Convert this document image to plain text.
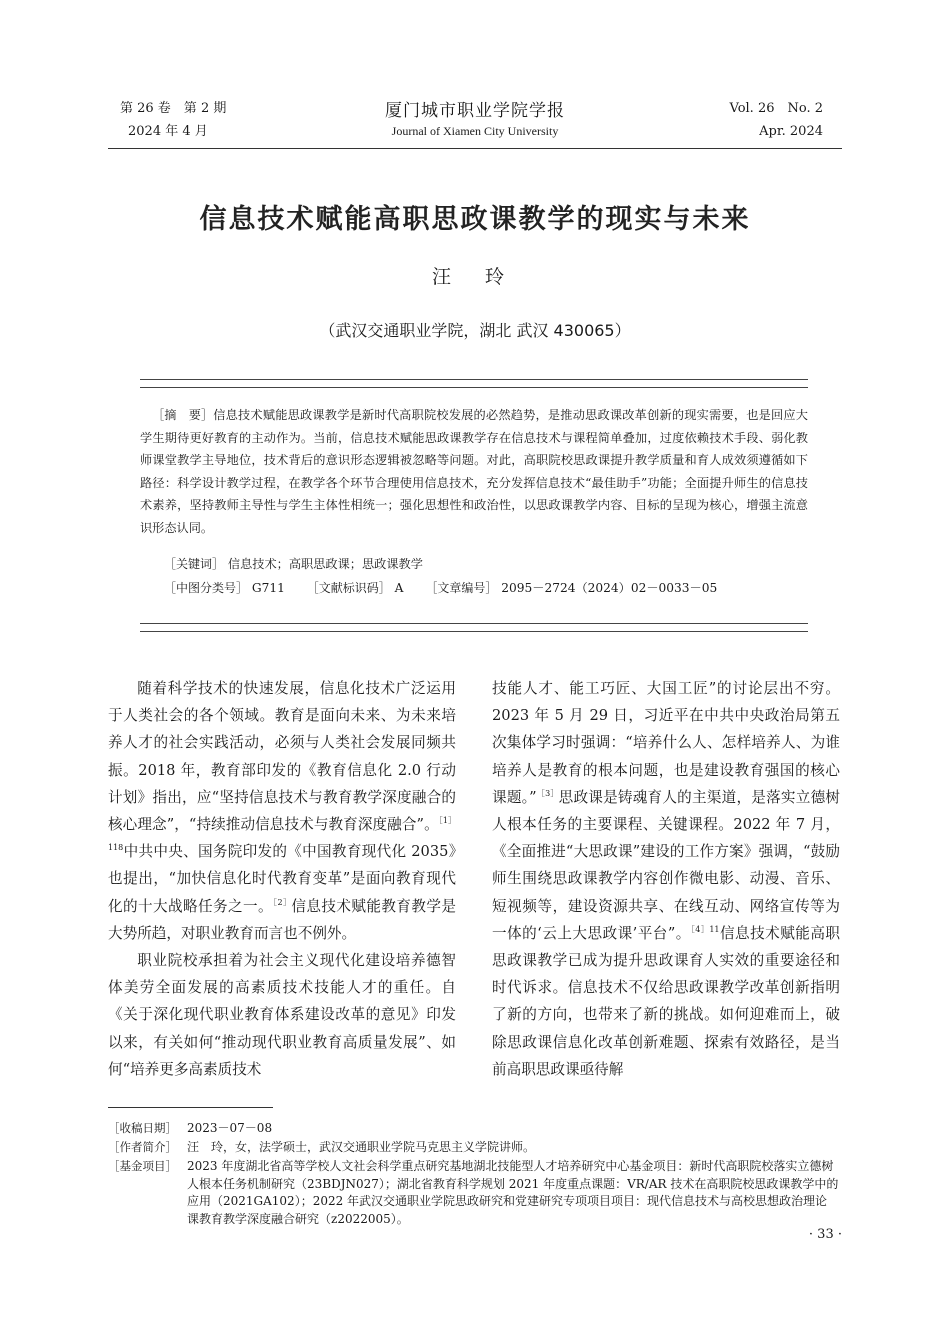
第 26 卷　第 2 期
2024 年 4 月
厦门城市职业学院学报
Journal of Xiamen City University
Vol. 26　No. 2
Apr. 2024
信息技术赋能高职思政课教学的现实与未来
汪 玲
（武汉交通职业学院，湖北 武汉 430065）
［摘　要］信息技术赋能思政课教学是新时代高职院校发展的必然趋势，是推动思政课改革创新的现实需要，也是回应大学生期待更好教育的主动作为。当前，信息技术赋能思政课教学存在信息技术与课程简单叠加，过度依赖技术手段、弱化教师课堂教学主导地位，技术背后的意识形态逻辑被忽略等问题。对此，高职院校思政课提升教学质量和育人成效须遵循如下路径：科学设计教学过程，在教学各个环节合理使用信息技术，充分发挥信息技术“最佳助手”功能；全面提升师生的信息技术素养，坚持教师主导性与学生主体性相统一；强化思想性和政治性，以思政课教学内容、目标的呈现为核心，增强主流意识形态认同。
［关键词］ 信息技术；高职思政课；思政课教学
［中图分类号］ G711 ［文献标识码］ A ［文章编号］ 2095－2724（2024）02－0033－05

随着科学技术的快速发展，信息化技术广泛运用于人类社会的各个领域。教育是面向未来、为未来培养人才的社会实践活动，必须与人类社会发展同频共振。2018 年，教育部印发的《教育信息化 2.0 行动计划》指出，应“坚持信息技术与教育教学深度融合的核心理念”，“持续推动信息技术与教育深度融合”。$^{[1]118}$中共中央、国务院印发的《中国教育现代化 2035》也提出，“加快信息化时代教育变革”是面向教育现代化的十大战略任务之一。$^{[2]}$信息技术赋能教育教学是大势所趋，对职业教育而言也不例外。

职业院校承担着为社会主义现代化建设培养德智体美劳全面发展的高素质技术技能人才的重任。自《关于深化现代职业教育体系建设改革的意见》印发以来，有关如何“推动现代职业教育高质量发展”、如何“培养更多高素质技术

技能人才、能工巧匠、大国工匠”的讨论层出不穷。2023 年 5 月 29 日，习近平在中共中央政治局第五次集体学习时强调：“培养什么人、怎样培养人、为谁培养人是教育的根本问题，也是建设教育强国的核心课题。”$^{[3]}$思政课是铸魂育人的主渠道，是落实立德树人根本任务的主要课程、关键课程。2022 年 7 月，《全面推进“大思政课”建设的工作方案》强调，“鼓励师生围绕思政课教学内容创作微电影、动漫、音乐、短视频等，建设资源共享、在线互动、网络宣传等为一体的‘云上大思政课’平台”。$^{[4]11}$信息技术赋能高职思政课教学已成为提升思政课育人实效的重要途径和时代诉求。信息技术不仅给思政课教学改革创新指明了新的方向，也带来了新的挑战。如何迎难而上，破除思政课信息化改革创新难题、探索有效路径，是当前高职思政课亟待解

［收稿日期］ 2023－07－08
［作者简介］ 汪　玲，女，法学硕士，武汉交通职业学院马克思主义学院讲师。
［基金项目］ 2023 年度湖北省高等学校人文社会科学重点研究基地湖北技能型人才培养研究中心基金项目：新时代高职院校落实立德树人根本任务机制研究（23BDJN027）；湖北省教育科学规划 2021 年度重点课题：VR/AR 技术在高职院校思政课教学中的应用（2021GA102）；2022 年武汉交通职业学院思政研究和党建研究专项项目项目：现代信息技术与高校思想政治理论课教育教学深度融合研究（z2022005）。
· 33 ·
